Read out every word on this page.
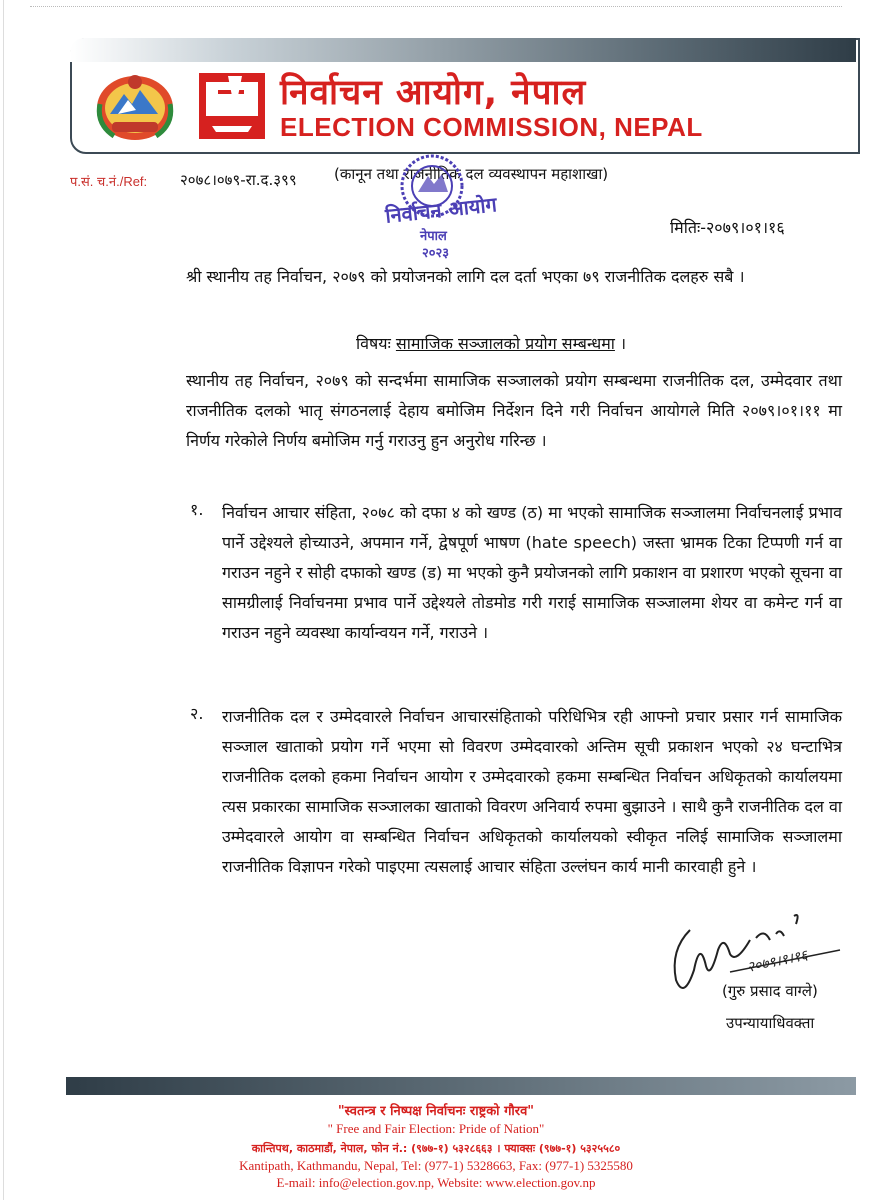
निर्वाचन आयोग, नेपाल
ELECTION COMMISSION, NEPAL
प.सं. च.नं./Ref: २०७८।०७९-रा.द.३९९ (कानून तथा राजनीतिक दल व्यवस्थापन महाशाखा)
निर्वाचन आयोग
नेपाल
२०२३
मितिः-२०७९।०१।१६
श्री स्थानीय तह निर्वाचन, २०७९ को प्रयोजनको लागि दल दर्ता भएका ७९ राजनीतिक दलहरु सबै ।
विषयः सामाजिक सञ्जालको प्रयोग सम्बन्धमा ।
स्थानीय तह निर्वाचन, २०७९ को सन्दर्भमा सामाजिक सञ्जालको प्रयोग सम्बन्धमा राजनीतिक दल, उम्मेदवार तथा राजनीतिक दलको भातृ संगठनलाई देहाय बमोजिम निर्देशन दिने गरी निर्वाचन आयोगले मिति २०७९।०१।११ मा निर्णय गरेकोले निर्णय बमोजिम गर्नु गराउनु हुन अनुरोध गरिन्छ ।
१. निर्वाचन आचार संहिता, २०७८ को दफा ४ को खण्ड (ठ) मा भएको सामाजिक सञ्जालमा निर्वाचनलाई प्रभाव पार्ने उद्देश्यले होच्याउने, अपमान गर्ने, द्वेषपूर्ण भाषण (hate speech) जस्ता भ्रामक टिका टिप्पणी गर्न वा गराउन नहुने र सोही दफाको खण्ड (ड) मा भएको कुनै प्रयोजनको लागि प्रकाशन वा प्रशारण भएको सूचना वा सामग्रीलाई निर्वाचनमा प्रभाव पार्ने उद्देश्यले तोडमोड गरी गराई सामाजिक सञ्जालमा शेयर वा कमेन्ट गर्न वा गराउन नहुने व्यवस्था कार्यान्वयन गर्ने, गराउने ।
२. राजनीतिक दल र उम्मेदवारले निर्वाचन आचारसंहिताको परिधिभित्र रही आफ्नो प्रचार प्रसार गर्न सामाजिक सञ्जाल खाताको प्रयोग गर्ने भएमा सो विवरण उम्मेदवारको अन्तिम सूची प्रकाशन भएको २४ घन्टाभित्र राजनीतिक दलको हकमा निर्वाचन आयोग र उम्मेदवारको हकमा सम्बन्धित निर्वाचन अधिकृतको कार्यालयमा त्यस प्रकारका सामाजिक सञ्जालका खाताको विवरण अनिवार्य रुपमा बुझाउने । साथै कुनै राजनीतिक दल वा उम्मेदवारले आयोग वा सम्बन्धित निर्वाचन अधिकृतको कार्यालयको स्वीकृत नलिई सामाजिक सञ्जालमा राजनीतिक विज्ञापन गरेको पाइएमा त्यसलाई आचार संहिता उल्लंघन कार्य मानी कारवाही हुने ।
२०७९।१।१६
(गुरु प्रसाद वाग्ले)
उपन्यायाधिवक्ता
"स्वतन्त्र र निष्पक्ष निर्वाचनः राष्ट्रको गौरव"
" Free and Fair Election: Pride of Nation"
कान्तिपथ, काठमाडौं, नेपाल, फोन नं.: (९७७-१) ५३२८६६३ । फ्याक्सः (९७७-१) ५३२५५८०
Kantipath, Kathmandu, Nepal, Tel: (977-1) 5328663, Fax: (977-1) 5325580
E-mail: info@election.gov.np, Website: www.election.gov.np
